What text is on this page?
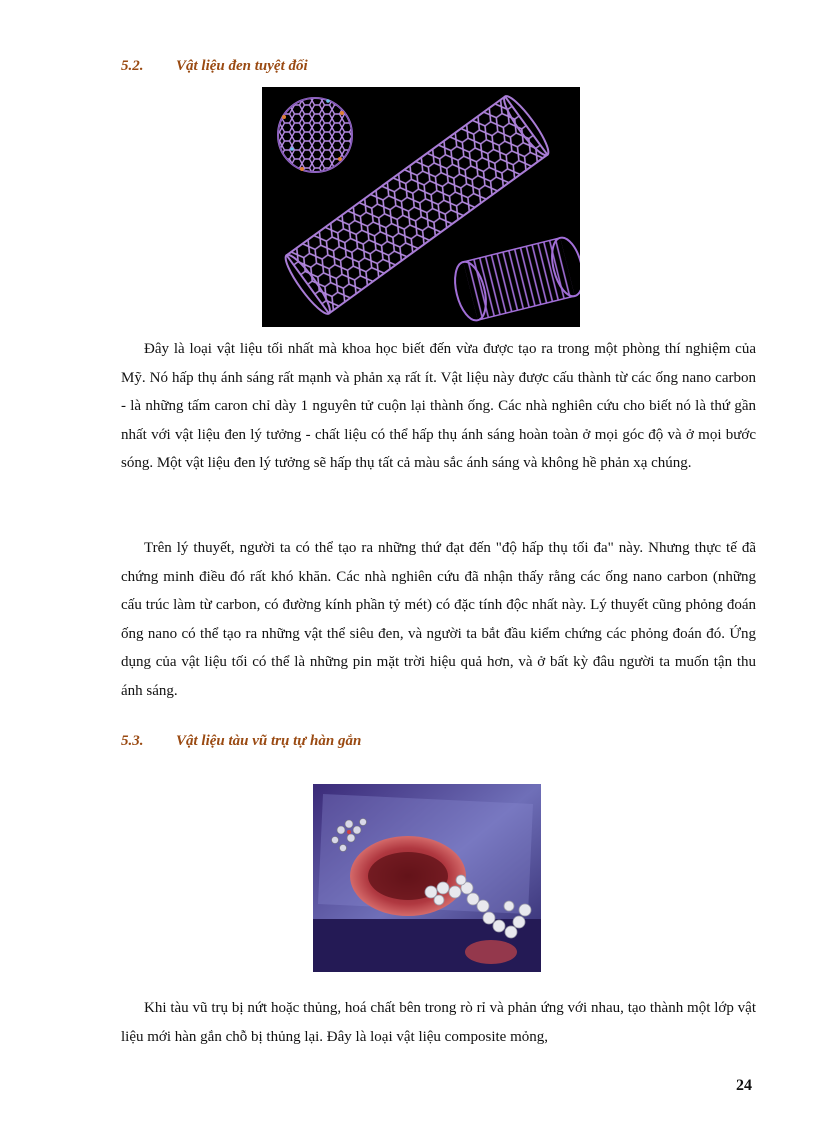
5.2. Vật liệu đen tuyệt đối

Đây là loại vật liệu tối nhất mà khoa học biết đến vừa được tạo ra trong một phòng thí nghiệm của Mỹ. Nó hấp thụ ánh sáng rất mạnh và phản xạ rất ít. Vật liệu này được cấu thành từ các ống nano carbon - là những tấm caron chỉ dày 1 nguyên tử cuộn lại thành ống. Các nhà nghiên cứu cho biết nó là thứ gần nhất với vật liệu đen lý tưởng - chất liệu có thể hấp thụ ánh sáng hoàn toàn ở mọi góc độ và ở mọi bước sóng. Một vật liệu đen lý tưởng sẽ hấp thụ tất cả màu sắc ánh sáng và không hề phản xạ chúng.

Trên lý thuyết, người ta có thể tạo ra những thứ đạt đến "độ hấp thụ tối đa" này. Nhưng thực tế đã chứng minh điều đó rất khó khăn. Các nhà nghiên cứu đã nhận thấy rằng các ống nano carbon (những cấu trúc làm từ carbon, có đường kính phần tỷ mét) có đặc tính độc nhất này. Lý thuyết cũng phỏng đoán ống nano có thể tạo ra những vật thể siêu đen, và người ta bắt đầu kiểm chứng các phỏng đoán đó. Ứng dụng của vật liệu tối có thể là những pin mặt trời hiệu quả hơn, và ở bất kỳ đâu người ta muốn tận thu ánh sáng.

5.3. Vật liệu tàu vũ trụ tự hàn gắn

Khi tàu vũ trụ bị nứt hoặc thủng, hoá chất bên trong rò rỉ và phản ứng với nhau, tạo thành một lớp vật liệu mới hàn gắn chỗ bị thủng lại. Đây là loại vật liệu composite mỏng,

24
